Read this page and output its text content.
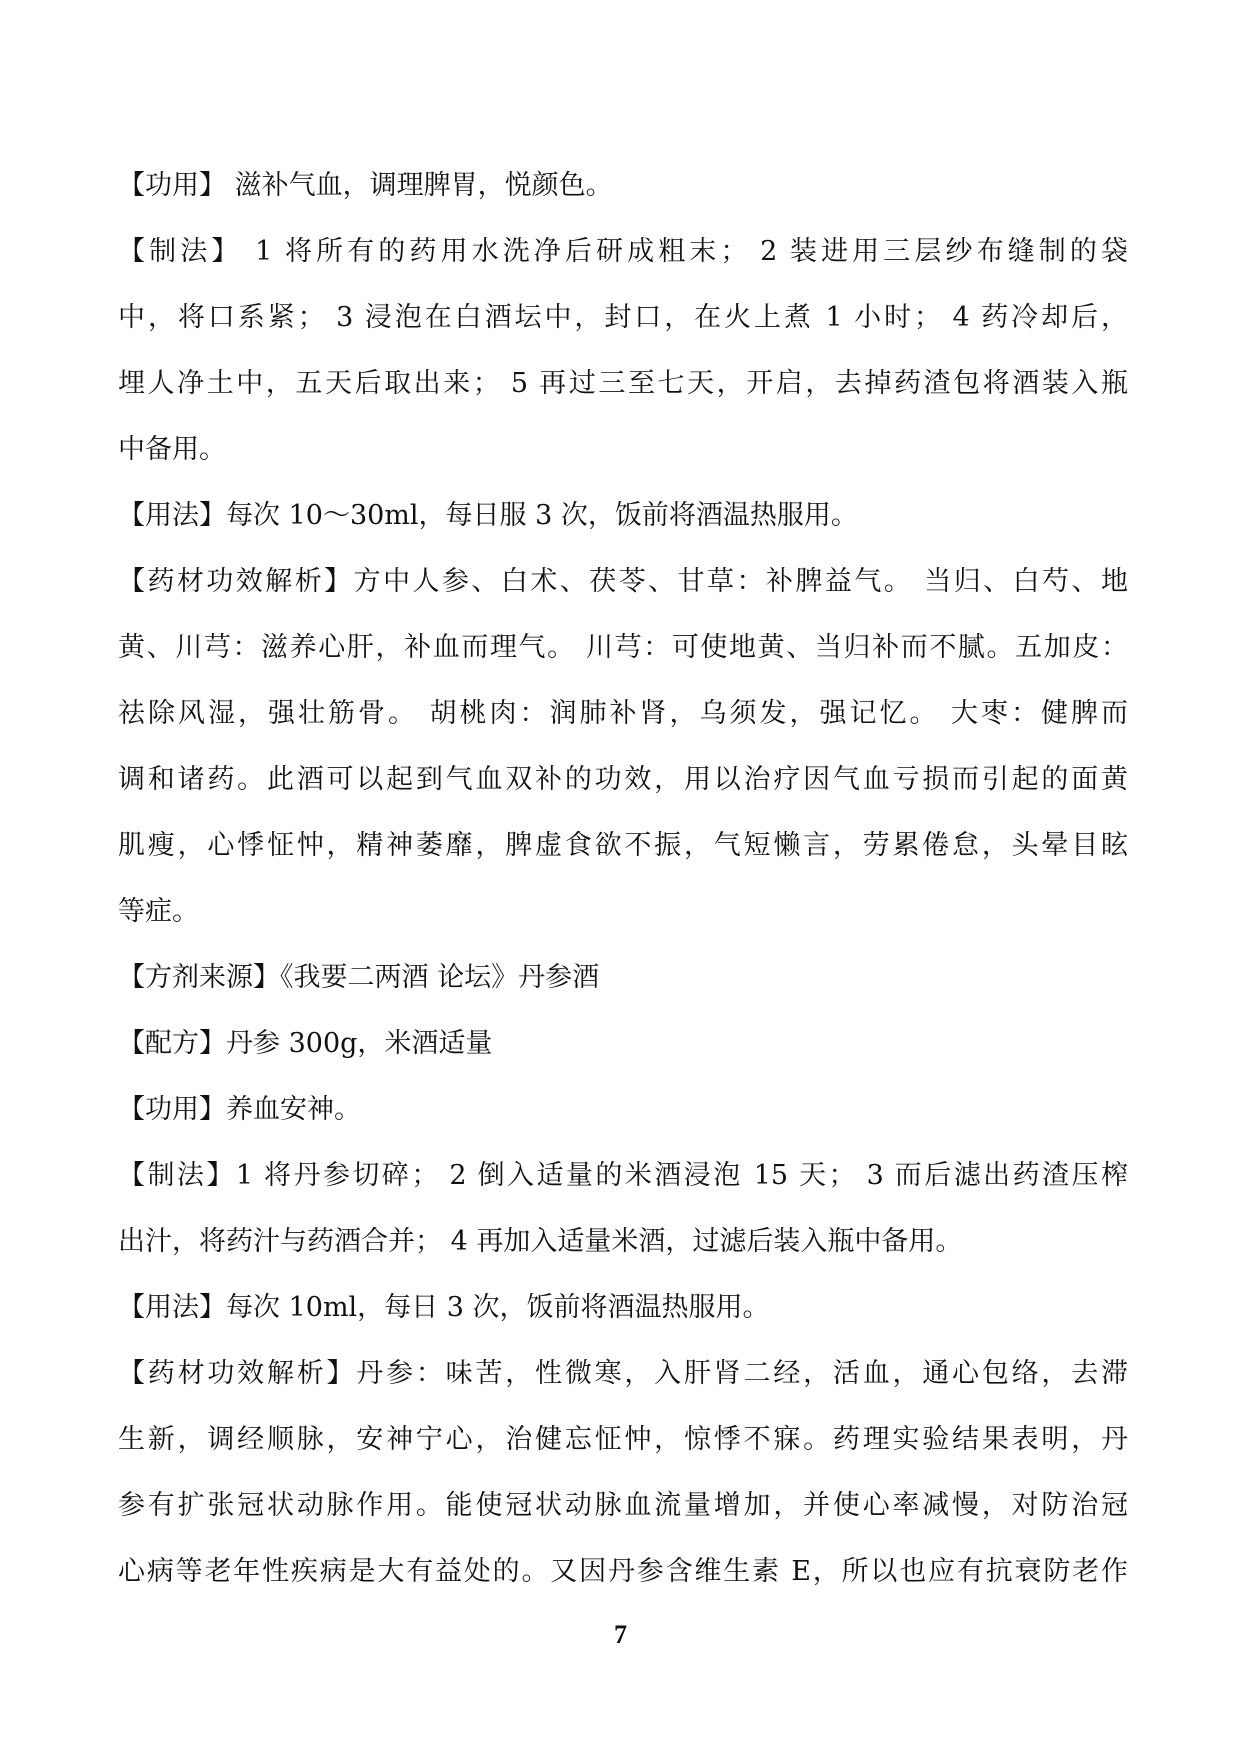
【功用】 滋补气血，调理脾胃，悦颜色。

【制法】 1 将所有的药用水洗净后研成粗末； 2 装进用三层纱布缝制的袋
中，将口系紧； 3 浸泡在白酒坛中，封口，在火上煮 1 小时； 4 药冷却后，
埋人净土中，五天后取出来； 5 再过三至七天，开启，去掉药渣包将酒装入瓶
中备用。

【用法】每次 10～30ml，每日服 3 次，饭前将酒温热服用。

【药材功效解析】方中人参、白术、茯苓、甘草：补脾益气。 当归、白芍、地
黄、川芎：滋养心肝，补血而理气。 川芎：可使地黄、当归补而不腻。五加皮：
祛除风湿，强壮筋骨。 胡桃肉：润肺补肾，乌须发，强记忆。 大枣：健脾而
调和诸药。此酒可以起到气血双补的功效，用以治疗因气血亏损而引起的面黄
肌瘦，心悸怔忡，精神萎靡，脾虚食欲不振，气短懒言，劳累倦怠，头晕目眩
等症。

【方剂来源】《我要二两酒 论坛》丹参酒

【配方】丹参 300g，米酒适量

【功用】养血安神。

【制法】1 将丹参切碎； 2 倒入适量的米酒浸泡 15 天； 3 而后滤出药渣压榨
出汁，将药汁与药酒合并； 4 再加入适量米酒，过滤后装入瓶中备用。

【用法】每次 10ml，每日 3 次，饭前将酒温热服用。

【药材功效解析】丹参：味苦，性微寒，入肝肾二经，活血，通心包络，去滞
生新，调经顺脉，安神宁心，治健忘怔忡，惊悸不寐。药理实验结果表明，丹
参有扩张冠状动脉作用。能使冠状动脉血流量增加，并使心率减慢，对防治冠
心病等老年性疾病是大有益处的。又因丹参含维生素 E，所以也应有抗衰防老作

7
